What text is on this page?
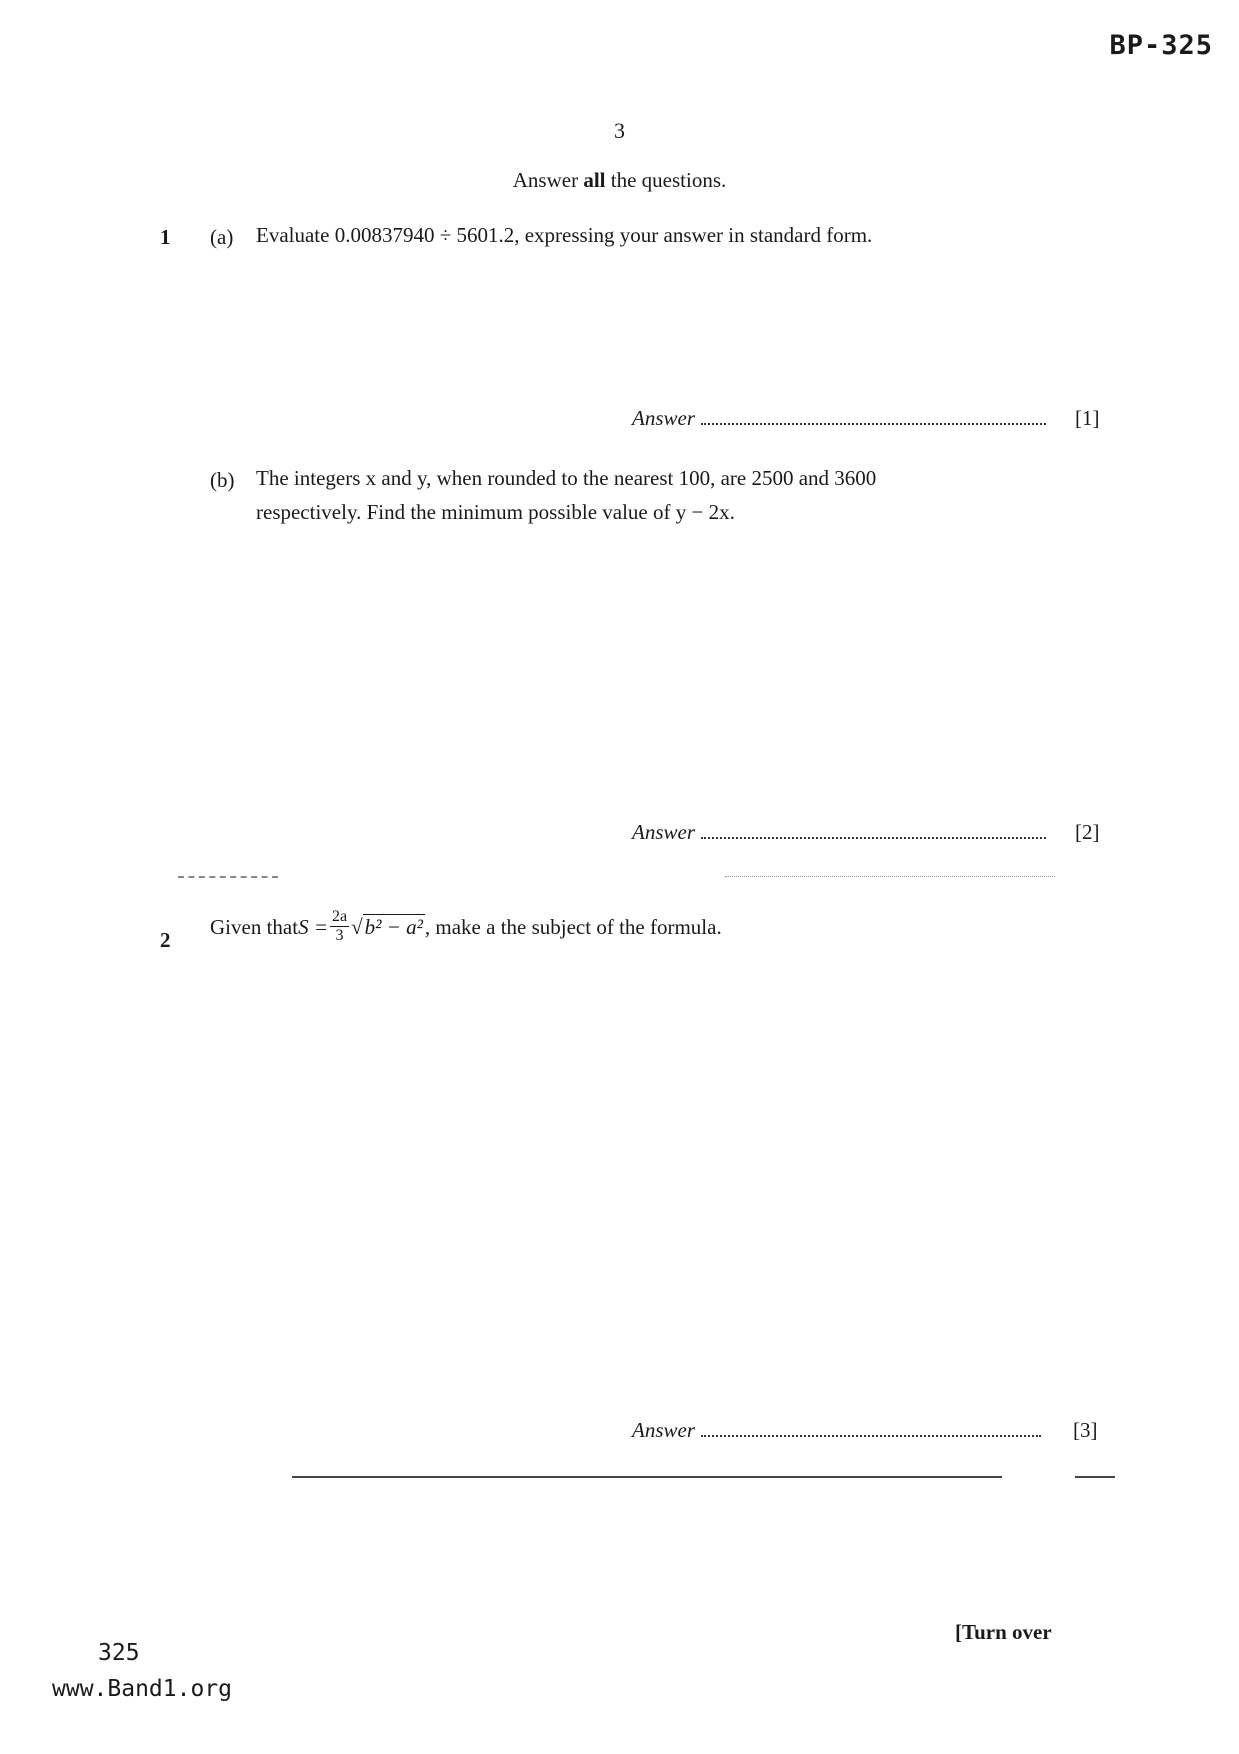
BP-325
3
Answer all the questions.
1 (a) Evaluate 0.00837940 ÷ 5601.2, expressing your answer in standard form.
Answer	[1]
(b) The integers x and y, when rounded to the nearest 100, are 2500 and 3600
respectively. Find the minimum possible value of y − 2x.
Answer	[2]
2
Given that $S = \frac{2a}{3} √b^2 - a^2$ , make a the subject of the formula.
Answer	[3]
325
www.Band1.org
[Turn over
